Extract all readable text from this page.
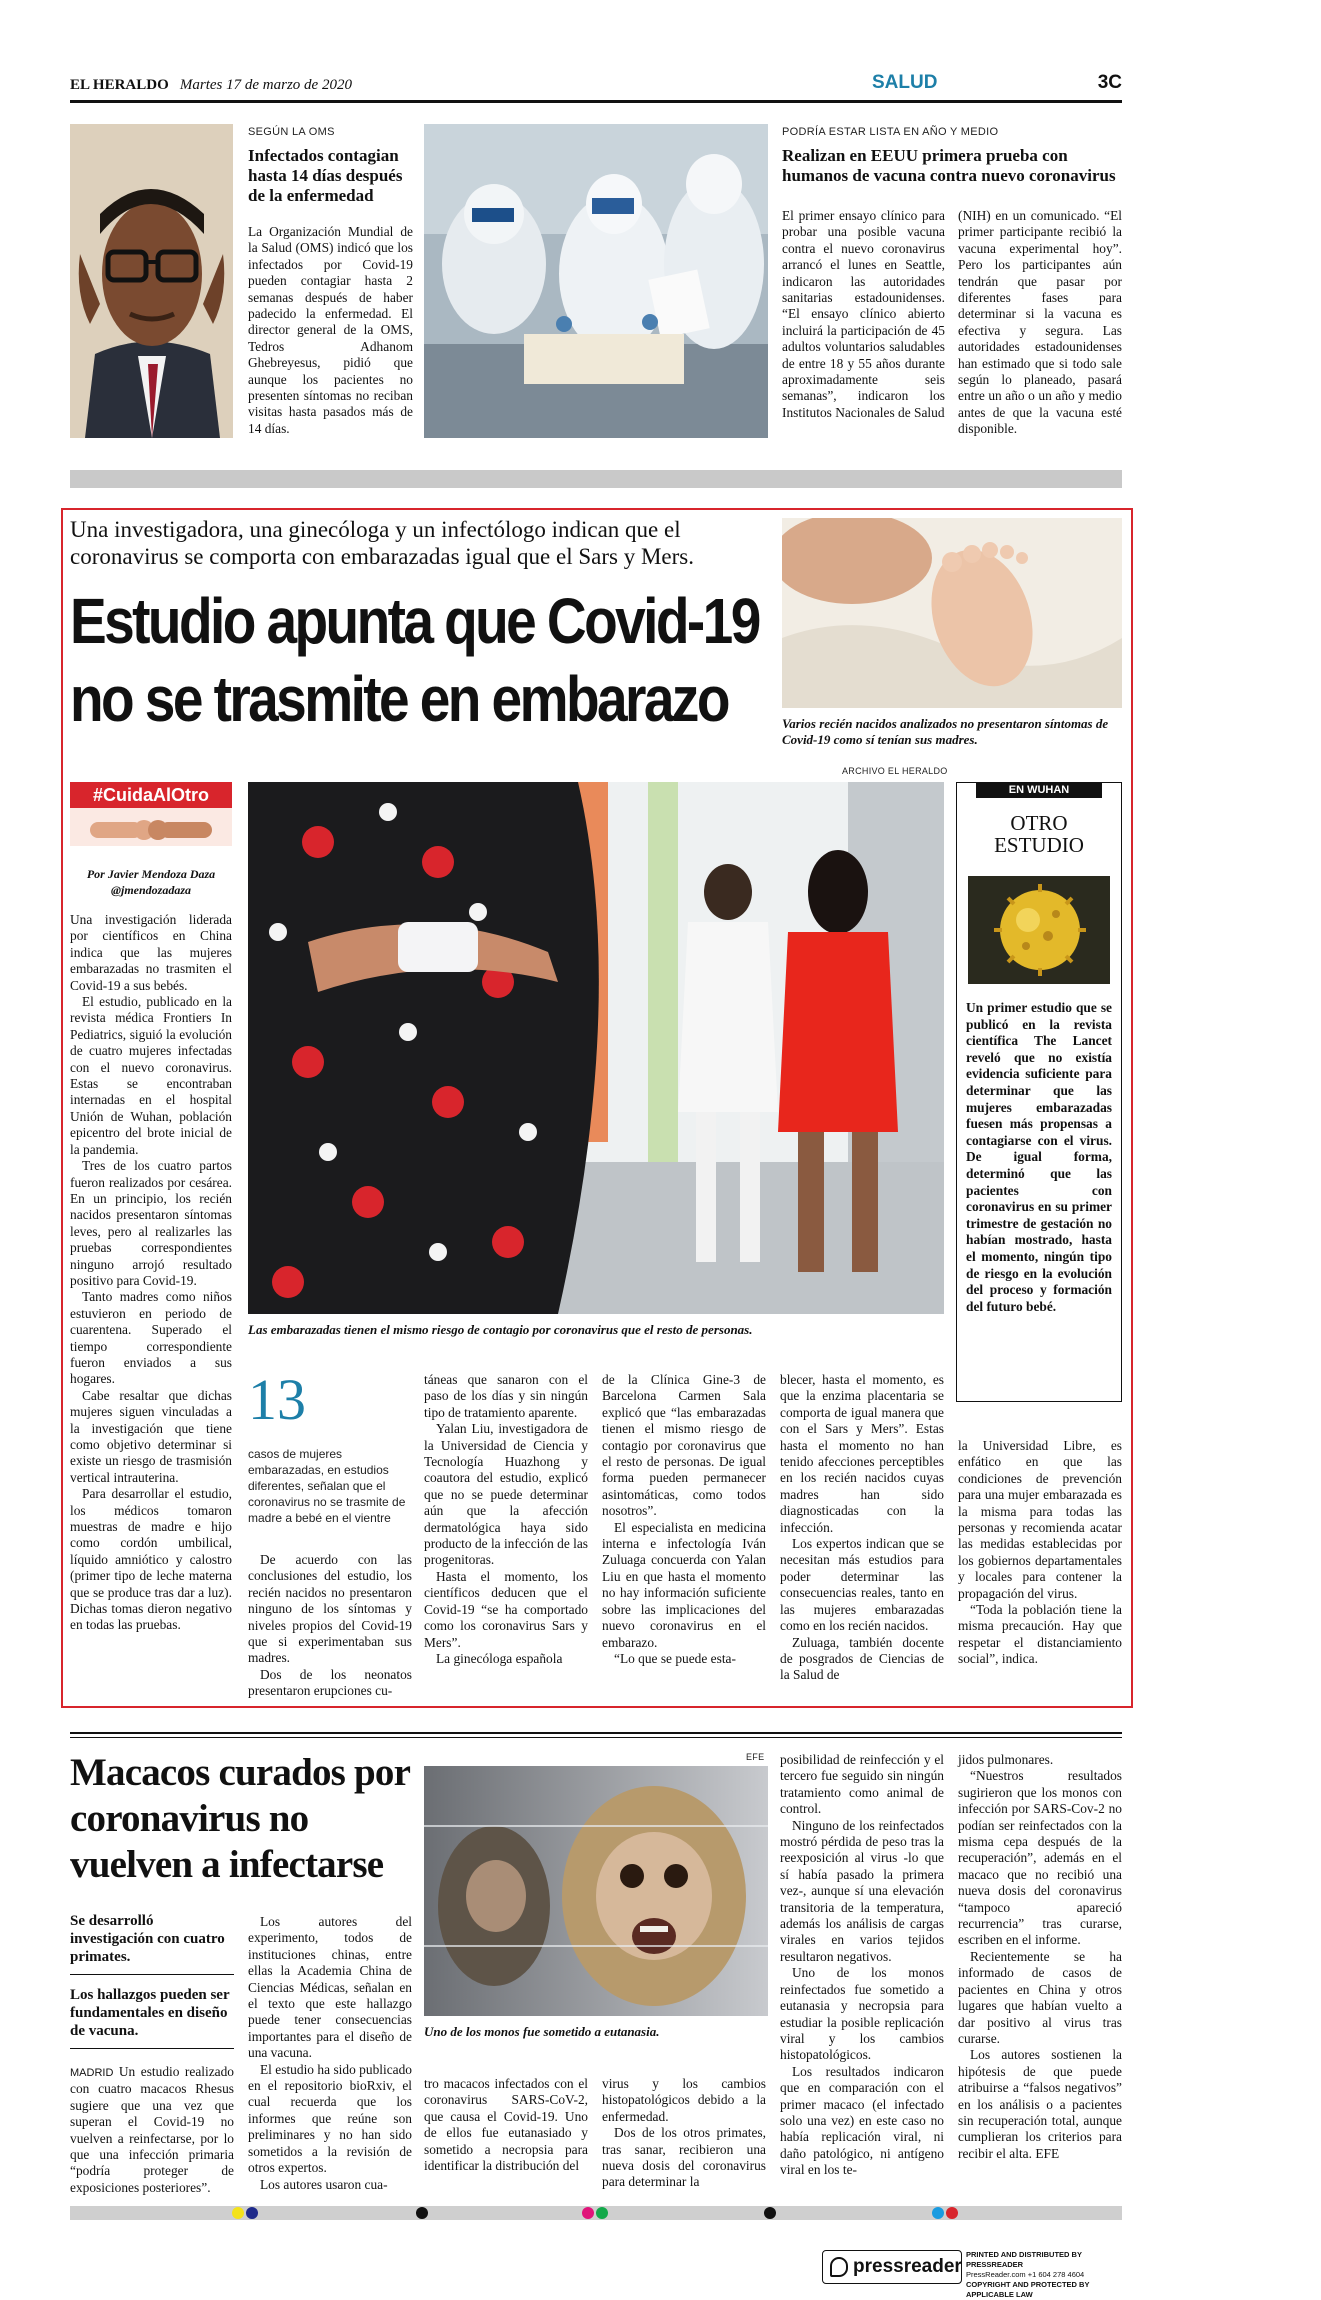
EL HERALDO Martes 17 de marzo de 2020	SALUD	3C
SEGÚN LA OMS
Infectados contagian hasta 14 días después de la enfermedad

La Organización Mundial de la Salud (OMS) indicó que los infectados por Covid-19 pueden contagiar hasta 2 semanas después de haber padecido la enfermedad. El director general de la OMS, Tedros Adhanom Ghebreyesus, pidió que aunque los pacientes no presenten síntomas no reciban visitas hasta pasados más de 14 días.

PODRÍA ESTAR LISTA EN AÑO Y MEDIO
Realizan en EEUU primera prueba con humanos de vacuna contra nuevo coronavirus

El primer ensayo clínico para probar una posible vacuna contra el nuevo coronavirus arrancó el lunes en Seattle, indicaron las autoridades sanitarias estadounidenses. “El ensayo clínico abierto incluirá la participación de 45 adultos voluntarios saludables de entre 18 y 55 años durante aproximadamente seis semanas”, indicaron los Institutos Nacionales de Salud

(NIH) en un comunicado. “El primer participante recibió la vacuna experimental hoy”. Pero los participantes aún tendrán que pasar por diferentes fases para determinar si la vacuna es efectiva y segura. Las autoridades estadounidenses han estimado que si todo sale según lo planeado, pasará entre un año o un año y medio antes de que la vacuna esté disponible.

Una investigadora, una ginecóloga y un infectólogo indican que el coronavirus se comporta con embarazadas igual que el Sars y Mers.
Estudio apunta que Covid-19
no se trasmite en embarazo	Varios recién nacidos analizados no presentaron síntomas de Covid-19 como sí tenían sus madres.
ARCHIVO EL HERALDO
#CuidaAlOtro
Por Javier Mendoza Daza
@jmendozadaza

Una investigación liderada por científicos en China indica que las mujeres embarazadas no trasmiten el Covid-19 a sus bebés.

El estudio, publicado en la revista médica Frontiers In Pediatrics, siguió la evolución de cuatro mujeres infectadas con el nuevo coronavirus. Estas se encontraban internadas en el hospital Unión de Wuhan, población epicentro del brote inicial de la pandemia.

Tres de los cuatro partos fueron realizados por cesárea. En un principio, los recién nacidos presentaron síntomas leves, pero al realizarles las pruebas correspondientes ninguno arrojó resultado positivo para Covid-19.

Tanto madres como niños estuvieron en periodo de cuarentena. Superado el tiempo correspondiente fueron enviados a sus hogares.

Cabe resaltar que dichas mujeres siguen vinculadas a la investigación que tiene como objetivo determinar si existe un riesgo de trasmisión vertical intrauterina.

Para desarrollar el estudio, los médicos tomaron muestras de madre e hijo como cordón umbilical, líquido amniótico y calostro (primer tipo de leche materna que se produce tras dar a luz). Dichas tomas dieron negativo en todas las pruebas.

Las embarazadas tienen el mismo riesgo de contagio por coronavirus que el resto de personas.
13
casos de mujeres embarazadas, en estudios diferentes, señalan que el coronavirus no se trasmite de madre a bebé en el vientre

De acuerdo con las conclusiones del estudio, los recién nacidos no presentaron ninguno de los síntomas y niveles propios del Covid-19 que si experimentaban sus madres.

Dos de los neonatos presentaron erupciones cu-

táneas que sanaron con el paso de los días y sin ningún tipo de tratamiento aparente.

Yalan Liu, investigadora de la Universidad de Ciencia y Tecnología Huazhong y coautora del estudio, explicó que no se puede determinar aún que la afección dermatológica haya sido producto de la infección de las progenitoras.

Hasta el momento, los científicos deducen que el Covid-19 “se ha comportado como los coronavirus Sars y Mers”.

La ginecóloga española

de la Clínica Gine-3 de Barcelona Carmen Sala explicó que “las embarazadas tienen el mismo riesgo de contagio por coronavirus que el resto de personas. De igual forma pueden permanecer asintomáticas, como todos nosotros”.

El especialista en medicina interna e infectología Iván Zuluaga concuerda con Yalan Liu en que hasta el momento no hay información suficiente sobre las implicaciones del nuevo coronavirus en el embarazo.

“Lo que se puede esta-

blecer, hasta el momento, es que la enzima placentaria se comporta de igual manera que con el Sars y Mers”. Estas hasta el momento no han tenido afecciones perceptibles en los recién nacidos cuyas madres han sido diagnosticadas con la infección.

Los expertos indican que se necesitan más estudios para poder determinar las consecuencias reales, tanto en las mujeres embarazadas como en los recién nacidos.

Zuluaga, también docente de posgrados de Ciencias de la Salud de

EN WUHAN
OTRO ESTUDIO
Un primer estudio que se publicó en la revista científica The Lancet reveló que no existía evidencia suficiente para determinar que las mujeres embarazadas fuesen más propensas a contagiarse con el virus. De igual forma, determinó que las pacientes con coronavirus en su primer trimestre de gestación no habían mostrado, hasta el momento, ningún tipo de riesgo en la evolución del proceso y formación del futuro bebé.

la Universidad Libre, es enfático en que las condiciones de prevención para una mujer embarazada es la misma para todas las personas y recomienda acatar las medidas establecidas por los gobiernos departamentales y locales para contener la propagación del virus.

“Toda la población tiene la misma precaución. Hay que respetar el distanciamiento social”, indica.

Macacos curados por coronavirus no vuelven a infectarse
Se desarrolló investigación con cuatro primates.
Los hallazgos pueden ser fundamentales en diseño de vacuna.

MADRID Un estudio realizado con cuatro macacos Rhesus sugiere que una vez que superan el Covid-19 no vuelven a reinfectarse, por lo que una infección primaria “podría proteger de exposiciones posteriores”.

EFE
Uno de los monos fue sometido a eutanasia.

Los autores del experimento, todos de instituciones chinas, entre ellas la Academia China de Ciencias Médicas, señalan en el texto que este hallazgo puede tener consecuencias importantes para el diseño de una vacuna.

El estudio ha sido publicado en el repositorio bioRxiv, el cual recuerda que los informes que reúne son preliminares y no han sido sometidos a la revisión de otros expertos.

Los autores usaron cua-

tro macacos infectados con el coronavirus SARS-CoV-2, que causa el Covid-19. Uno de ellos fue eutanasiado y sometido a necropsia para identificar la distribución del

virus y los cambios histopatológicos debido a la enfermedad.

Dos de los otros primates, tras sanar, recibieron una nueva dosis del coronavirus para determinar la

posibilidad de reinfección y el tercero fue seguido sin ningún tratamiento como animal de control.

Ninguno de los reinfectados mostró pérdida de peso tras la reexposición al virus -lo que sí había pasado la primera vez-, aunque sí una elevación transitoria de la temperatura, además los análisis de cargas virales en varios tejidos resultaron negativos.

Uno de los monos reinfectados fue sometido a eutanasia y necropsia para estudiar la posible replicación viral y los cambios histopatológicos.

Los resultados indicaron que en comparación con el primer macaco (el infectado solo una vez) en este caso no había replicación viral, ni daño patológico, ni antígeno viral en los te-

jidos pulmonares.

“Nuestros resultados sugirieron que los monos con infección por SARS-Cov-2 no podían ser reinfectados con la misma cepa después de la recuperación”, además en el macaco que no recibió una nueva dosis del coronavirus “tampoco apareció recurrencia” tras curarse, escriben en el informe.

Recientemente se ha informado de casos de pacientes en China y otros lugares que habían vuelto a dar positivo al virus tras curarse.

Los autores sostienen la hipótesis de que puede atribuirse a “falsos negativos” en los análisis o a pacientes sin recuperación total, aunque cumplieran los criterios para recibir el alta. EFE

pressreader
PRINTED AND DISTRIBUTED BY PRESSREADER
PressReader.com +1 604 278 4604
COPYRIGHT AND PROTECTED BY APPLICABLE LAW
